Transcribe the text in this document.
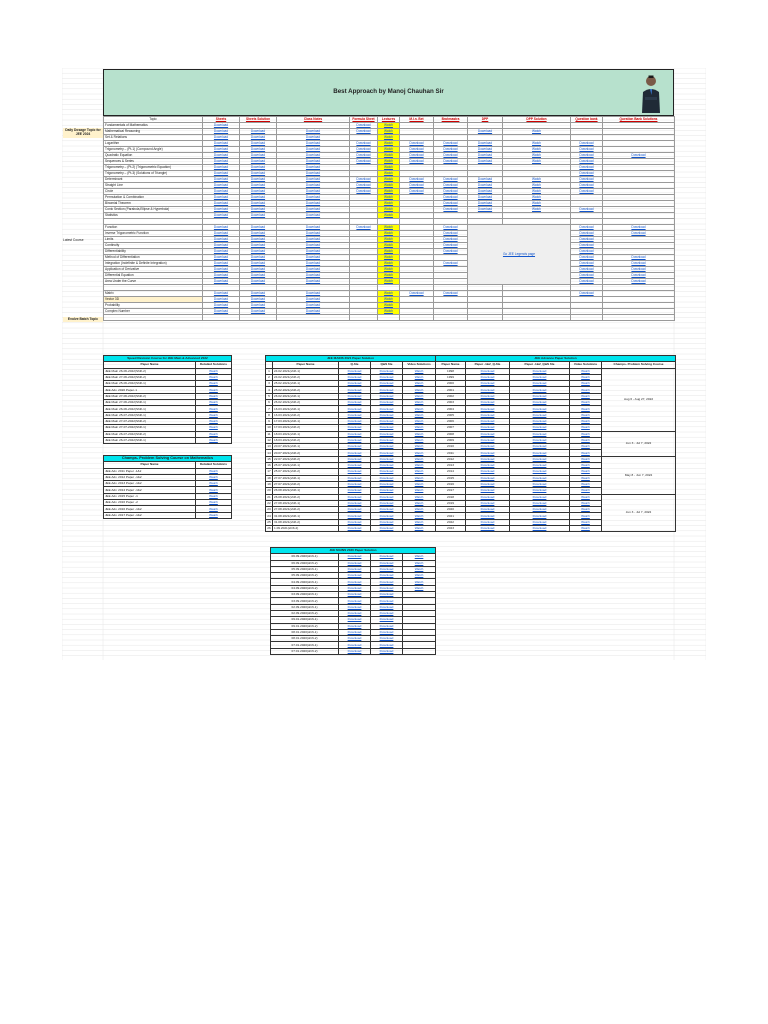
Best Approach by Manoj Chauhan Sir
Daily Dosage Topic for JEE 2024
Latest Course
Evolve Batch Topic
Topic	Sheets	Sheets Solution	Class Notes	Formula Sheet	Lectures	M.I.n. Bet	Brahmastra	DPP	DPP Solution	Question bank	Question Bank Solutions
Fundamentals of Mathematics	Download			Download	Watch						
Mathematical Reasoning	Download	Download	Download	Download	Watch			Download	Watch		
Set & Relations	Download	Download	Download		Watch						
Logarithm	Download	Download	Download	Download	Watch	Download	Download	Download	Watch	Download	
Trigonometry – (Pt-1) (Compound Angle)	Download	Download	Download	Download	Watch	Download	Download	Download	Watch	Download	
Quadratic Equation	Download	Download	Download	Download	Watch	Download	Download	Download	Watch	Download	Download
Sequences & Series	Download	Download	Download	Download	Watch	Download	Download	Download	Watch	Download	
Trigonometry – (Pt-2) (Trigonometric Equation)	Download	Download	Download		Watch					Download	
Trigonometry – (Pt-3) (Solutions of Triangle)	Download	Download	Download		Watch					Download	
Determinant	Download	Download	Download	Download	Watch	Download	Download	Download	Watch	Download	
Straight Line	Download	Download	Download	Download	Watch	Download	Download	Download	Watch	Download	
Circle	Download	Download	Download	Download	Watch	Download	Download	Download	Watch	Download	
Permutation & Combination	Download	Download	Download		Watch		Download	Download	Watch		
Binomial Theorem	Download	Download	Download		Watch		Download	Download	Watch		
Conic Section (Parabola,Ellipse & Hyperbola)	Download	Download	Download		Watch		Download	Download	Watch	Download	
Statistics	Download	Download	Download		Watch						

Function	Download	Download	Download	Download	Watch		Download	Go JEE Legends page		Download	Download
Inverse Trigonometric Function	Download	Download	Download		Watch		Download			Download	Download
Limits	Download	Download	Download		Watch		Download			Download	
Continuity	Download	Download	Download		Watch		Download			Download	
Differentiability	Download	Download	Download		Watch		Download			Download	
Method of Differentiation	Download	Download	Download		Watch					Download	Download
Integration (Indefinite & Definite Integration)	Download	Download	Download		Watch		Download			Download	Download
Application of Derivative	Download	Download	Download		Watch					Download	Download
Differential Equation	Download	Download	Download		Watch					Download	Download
Area Under the Curve	Download	Download	Download		Watch					Download	Download

Matrix	Download	Download	Download		Watch	Download	Download			Download	
Vector 3D	Download	Download	Download		Watch						
Probability	Download	Download	Download		Watch						
Complex Number	Download	Download	Download		Watch						

Speed Revision Course for JEE Main & Advanced 2022	
Paper Name	Detailed Solutions
JEE Main 26-06-2022(Shift-2)	Watch
JEE Main 27-06-2022(Shift-2)	Watch
JEE Main 25-06-2022(Shift-1)	Watch
JEE Adv. 2020 Paper-1	Watch
JEE Main 27-06-2022(Shift-2)	Watch
JEE Main 27-06-2022(Shift-1)	Watch
JEE Main 26-06-2022(Shift-1)	Watch
JEE Main 25-07-2022(Shift-1)	Watch
JEE Main 27-07-2022(Shift-2)	Watch
JEE Main 27-07-2022(Shift-1)	Watch
JEE Main 26-07-2022(Shift-2)	Watch
JEE Main 26-07-2022(Shift-1)	Watch
Champs- Problem Solving Course on Mathematics	
Paper Name	Detailed Solutions
JEE Adv. 2011 Paper -1&2	Watch
JEE Adv. 2012 Paper -1&2	Watch
JEE Adv. 2013 Paper -1&2	Watch
JEE Adv. 2014 Paper -1&2	Watch
JEE Adv. 2015 Paper -1	Watch
JEE Adv. 2016 Paper -2	Watch
JEE Adv. 2016 Paper -1&2	Watch
JEE Adv. 2017 Paper -1&2	Watch
JEE MAINS 2021 Paper Solution				
	Paper Name	Q-file	Q&S file	Video Solutions
1	24.02.2021(shift-1)	Download	Download	Watch
2	24.02.2021(shift-2)	Download	Download	Watch
3	25.02.2021(shift-1)	Download	Download	Watch
4	25.02.2021(shift-2)	Download	Download	Watch
5	26.02.2021(shift-1)	Download	Download	Watch
6	26.02.2021(shift-2)	Download	Download	Watch
7	16.03.2021(shift-1)	Download	Download	Watch
8	16.03.2021(shift-2)	Download	Download	Watch
9	17.03.2021(shift-1)	Download	Download	Watch
10	17.03.2021(shift-2)	Download	Download	Watch
11	18.03.2021(shift-1)	Download	Download	Watch
12	18.03.2021(shift-2)	Download	Download	Watch
13	20.07.2021(shift-1)	Download	Download	Watch
14	20.07.2021(shift-2)	Download	Download	Watch
15	22.07.2021(shift-2)	Download	Download	Watch
16	25.07.2021(shift-1)	Download	Download	Watch
17	25.07.2021(shift-2)	Download	Download	Watch
18	27.07.2021(shift-1)	Download	Download	Watch
19	27.07.2021(shift-2)	Download	Download	Watch
20	26.08.2021(shift-1)	Download	Download	Watch
21	26.08.2021(shift-2)	Download	Download	Watch
22	27.08.2021(shift-1)	Download	Download	Watch
23	27.08.2021(shift-2)	Download	Download	Watch
24	31.08.2021(shift-1)	Download	Download	Watch
25	31.08.2021(shift-2)	Download	Download	Watch
26	1.09.2021(shift-2)	Download	Download	Watch
JEE Advance Paper Solution				
Paper Name	Paper -1&2_Q-file	Paper -1&2_Q&S file	Video Solutions	Champs- Problem Solving Course
1998	Download	Download	Watch	Aug 6 - Aug 27, 2022
1999	Download	Download	Watch	
2000	Download	Download	Watch	
2001	Download	Download	Watch	
2002	Download	Download	Watch	
2003	Download	Download	Watch	
2004	Download	Download	Watch	
2005	Download	Download	Watch	
2006	Download	Download	Watch	
2007	Download	Download	Watch	
2008	Download	Download	Watch	Jun 3 - Jul 7, 2022
2009	Download	Download	Watch	
2010	Download	Download	Watch	
2011	Download	Download	Watch	
2012	Download	Download	Watch	May 8 - Jun 7, 2022
2013	Download	Download	Watch	
2014	Download	Download	Watch	
2015	Download	Download	Watch	
2016	Download	Download	Watch	
2017	Download	Download	Watch	
2018	Download	Download	Watch	Jun 3 - Jul 7, 2022
2019	Download	Download	Watch	
2020	Download	Download	Watch	
2021	Download	Download	Watch	
2022	Download	Download	Watch	
2023	Download	Download	Watch	
JEE MAINS 2020 Paper Solution			
06.09.2020(shift-1)	Download	Download	Watch
06.09.2020(shift-2)	Download	Download	Watch
05.09.2020(shift-1)	Download	Download	Watch
05.09.2020(shift-2)	Download	Download	Watch
04.09.2020(shift-1)	Download	Download	Watch
04.09.2020(shift-2)	Download	Download	Watch
03.09.2020(shift-1)	Download	Download	
03.09.2020(shift-2)	Download	Download	
02.09.2020(shift-1)	Download	Download	
02.09.2020(shift-2)	Download	Download	
09.01.2020(shift-1)	Download	Download	
09.01.2020(shift-2)	Download	Download	
08.01.2020(shift-1)	Download	Download	
08.01.2020(shift-2)	Download	Download	
07.01.2020(shift-1)	Download	Download	
07.01.2020(shift-2)	Download	Download	
